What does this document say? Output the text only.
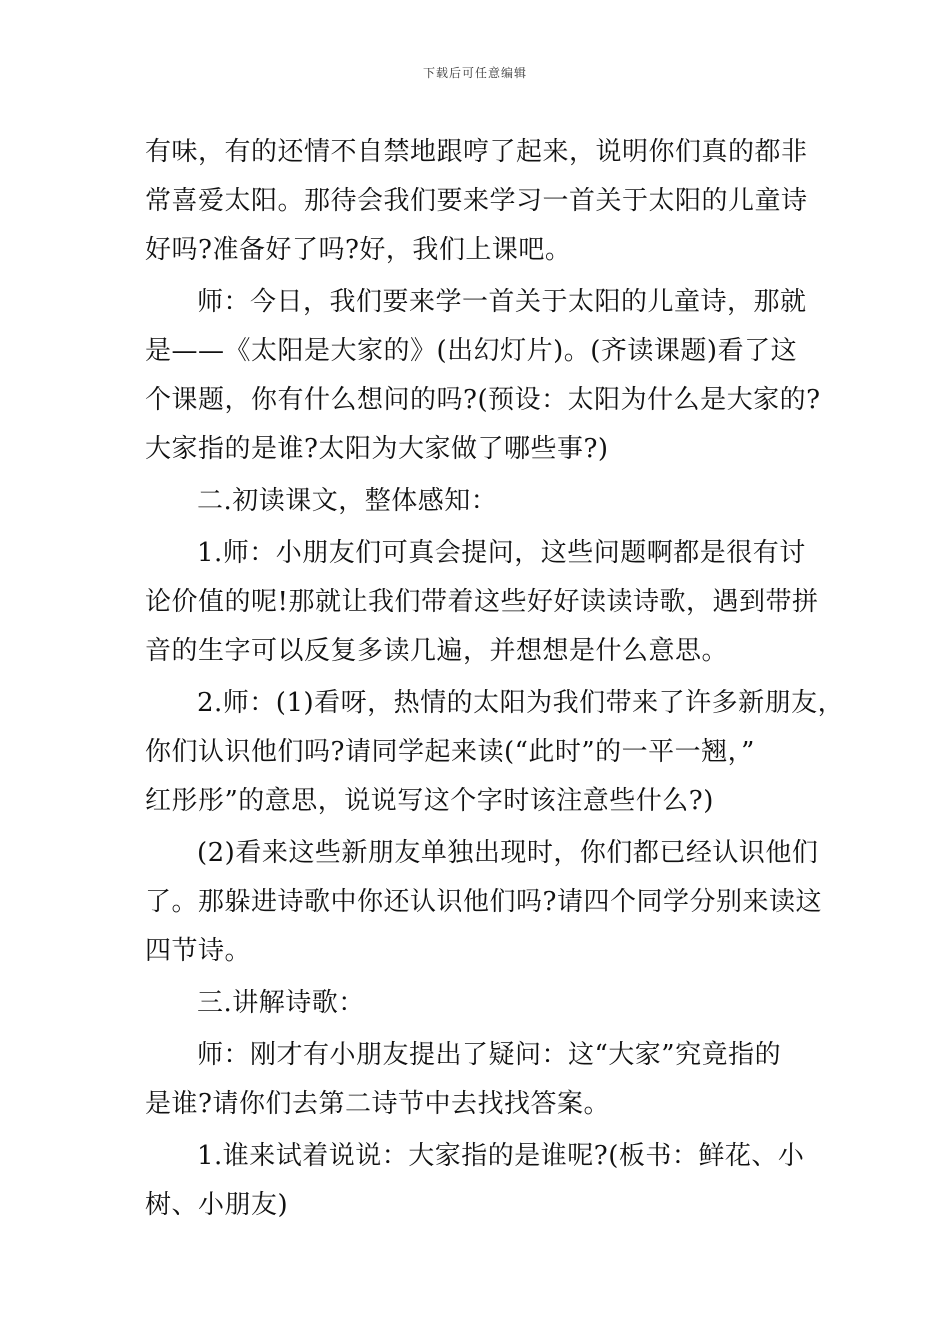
下载后可任意编辑
有味，有的还情不自禁地跟哼了起来，说明你们真的都非
常喜爱太阳。那待会我们要来学习一首关于太阳的儿童诗
好吗?准备好了吗?好，我们上课吧。
师：今日，我们要来学一首关于太阳的儿童诗，那就
是——《太阳是大家的》(出幻灯片)。(齐读课题)看了这
个课题，你有什么想问的吗?(预设：太阳为什么是大家的?
大家指的是谁?太阳为大家做了哪些事?)
二.初读课文，整体感知：
1.师：小朋友们可真会提问，这些问题啊都是很有讨
论价值的呢!那就让我们带着这些好好读读诗歌，遇到带拼
音的生字可以反复多读几遍，并想想是什么意思。
2.师：(1)看呀，热情的太阳为我们带来了许多新朋友，
你们认识他们吗?请同学起来读(“此时”的一平一翘，”
红彤彤”的意思，说说写这个字时该注意些什么?)
(2)看来这些新朋友单独出现时，你们都已经认识他们
了。那躲进诗歌中你还认识他们吗?请四个同学分别来读这
四节诗。
三.讲解诗歌：
师：刚才有小朋友提出了疑问：这“大家”究竟指的
是谁?请你们去第二诗节中去找找答案。
1.谁来试着说说：大家指的是谁呢?(板书：鲜花、小
树、小朋友)
